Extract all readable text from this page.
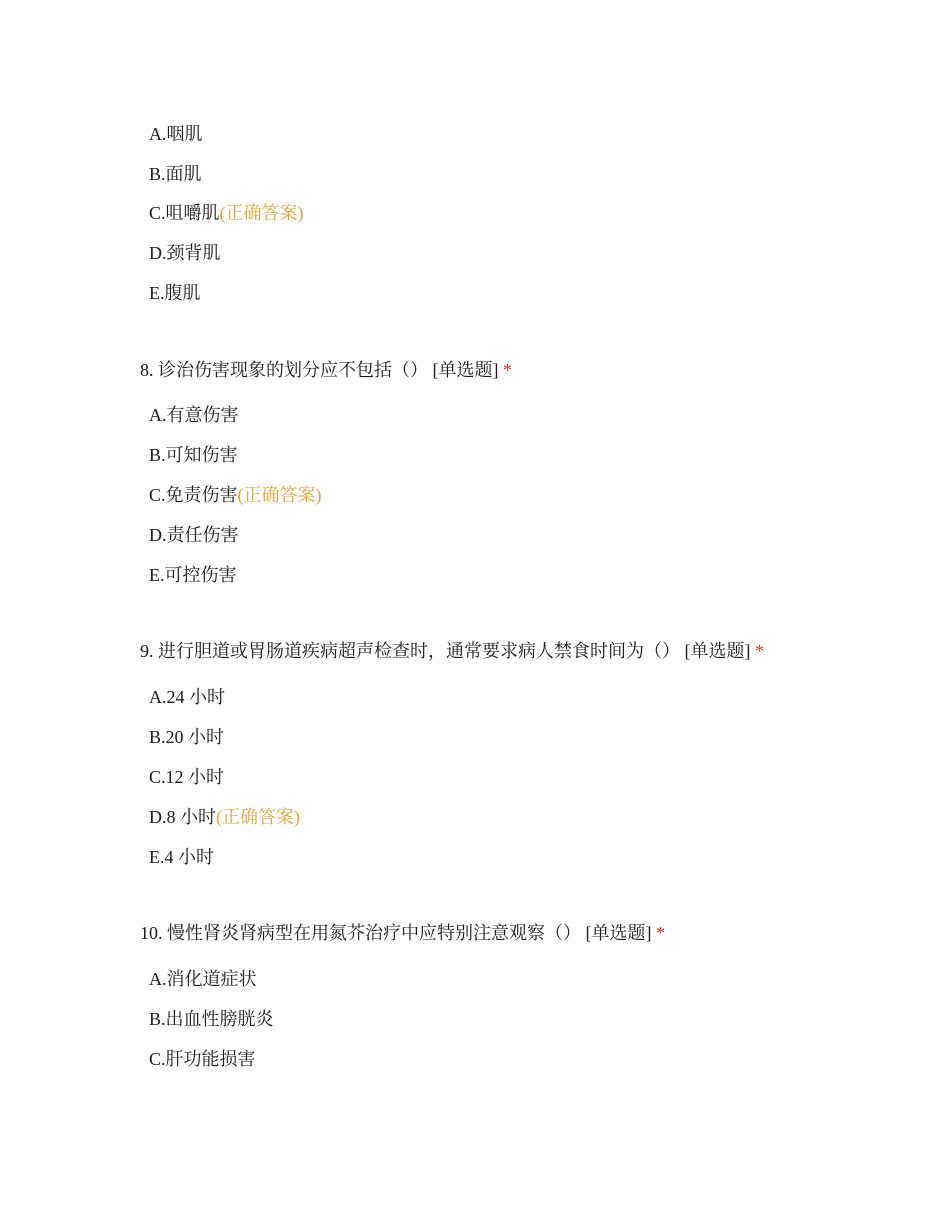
A.咽肌
B.面肌
C.咀嚼肌(正确答案)
D.颈背肌
E.腹肌
8. 诊治伤害现象的划分应不包括（） [单选题] *
A.有意伤害
B.可知伤害
C.免责伤害(正确答案)
D.责任伤害
E.可控伤害
9. 进行胆道或胃肠道疾病超声检查时，通常要求病人禁食时间为（） [单选题] *
A.24 小时
B.20 小时
C.12 小时
D.8 小时(正确答案)
E.4 小时
10. 慢性肾炎肾病型在用氮芥治疗中应特别注意观察（） [单选题] *
A.消化道症状
B.出血性膀胱炎
C.肝功能损害
